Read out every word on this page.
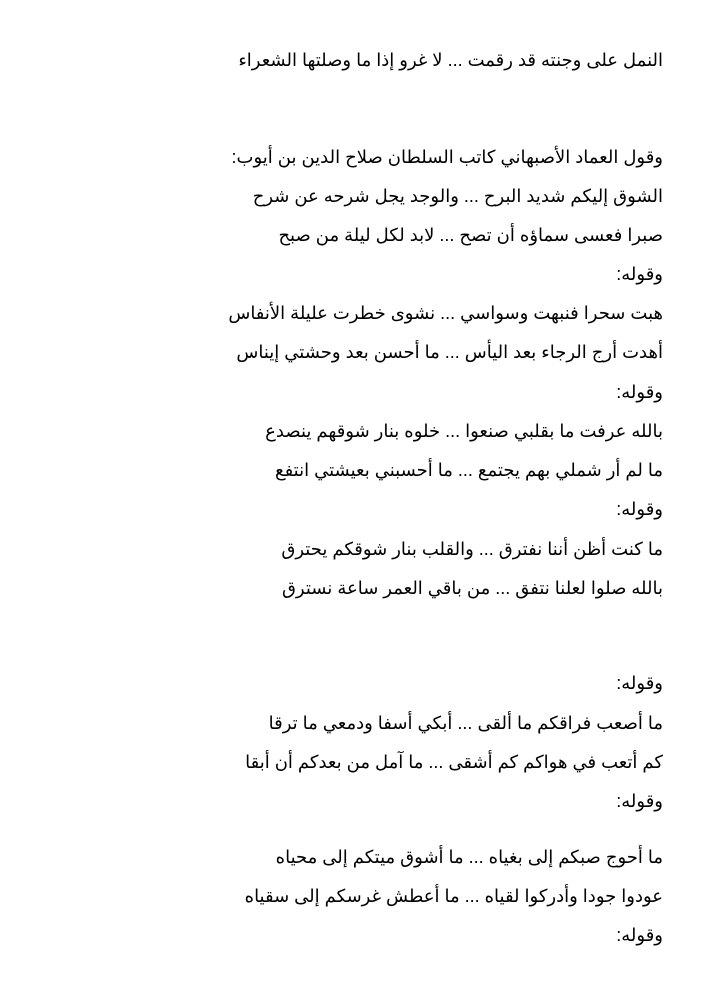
النمل على وجنته قد رقمت ... لا غرو إذا ما وصلتها الشعراء
وقول العماد الأصبهاني كاتب السلطان صلاح الدين بن أيوب:
الشوق إليكم شديد البرح ... والوجد يجل شرحه عن شرح
صبرا فعسى سماؤه أن تصح ... لابد لكل ليلة من صبح
وقوله:
هبت سحرا فنبهت وسواسي ... نشوى خطرت عليلة الأنفاس
أهدت أرج الرجاء بعد اليأس ... ما أحسن بعد وحشتي إيناس
وقوله:
بالله عرفت ما بقلبي صنعوا ... خلوه بنار شوقهم ينصدع
ما لم أر شملي بهم يجتمع ... ما أحسبني بعيشتي انتفع
وقوله:
ما كنت أظن أننا نفترق ... والقلب بنار شوقكم يحترق
بالله صلوا لعلنا نتفق ... من باقي العمر ساعة نسترق
وقوله:
ما أصعب فراقكم ما ألقى ... أبكي أسفا ودمعي ما ترقا
كم أتعب في هواكم كم أشقى ... ما آمل من بعدكم أن أبقا
وقوله:
ما أحوج صبكم إلى بغياه ... ما أشوق ميتكم إلى محياه
عودوا جودا وأدركوا لقياه ... ما أعطش غرسكم إلى سقياه
وقوله:
